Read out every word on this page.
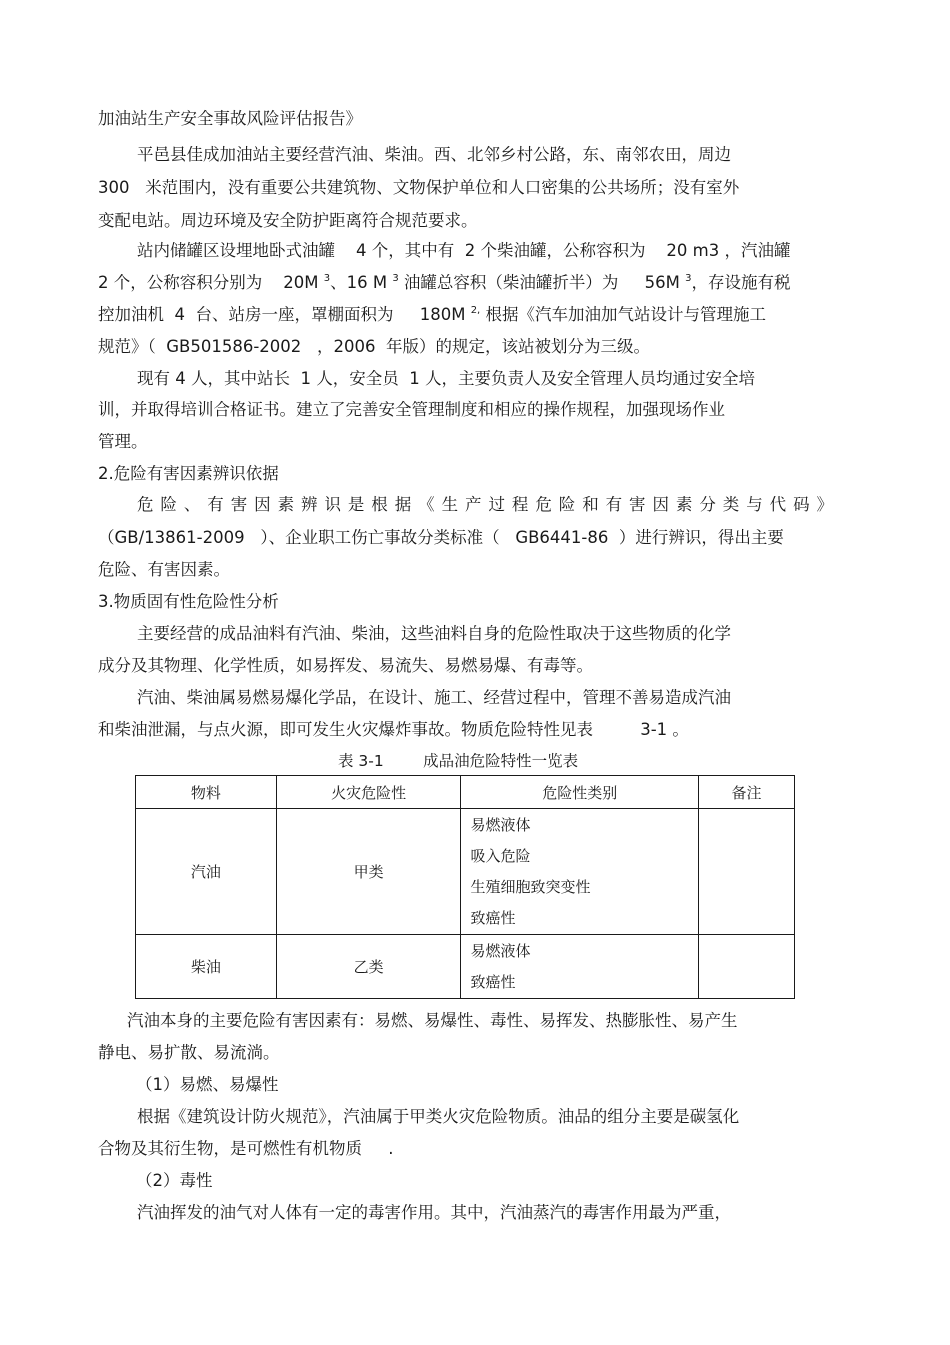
加油站生产安全事故风险评估报告》
平邑县佳成加油站主要经营汽油、柴油。西、北邻乡村公路，东、南邻农田，周边
300   米范围内，没有重要公共建筑物、文物保护单位和人口密集的公共场所；没有室外
变配电站。周边环境及安全防护距离符合规范要求。
站内储罐区设埋地卧式油罐    4 个，其中有  2 个柴油罐，公称容积为    20 m3 ，汽油罐
2 个，公称容积分别为    20M $^3$、16 M $^3$ 油罐总容积（柴油罐折半）为     56M $^3$，存设施有税
控加油机  4  台、站房一座，罩棚面积为     180M $^{2,}$ 根据《汽车加油加气站设计与管理施工
规范》（  GB501586-2002   ，2006  年版）的规定，该站被划分为三级。
现有 4 人，其中站长  1 人，安全员  1 人，主要负责人及安全管理人员均通过安全培
训，并取得培训合格证书。建立了完善安全管理制度和相应的操作规程，加强现场作业
管理。
2.危险有害因素辨识依据
危险、有害因素辨识是根据《生产过程危险和有害因素分类与代码》
（GB/13861-2009   ）、企业职工伤亡事故分类标准（   GB6441-86  ）进行辨识，得出主要
危险、有害因素。
3.物质固有性危险性分析
主要经营的成品油料有汽油、柴油，这些油料自身的危险性取决于这些物质的化学
成分及其物理、化学性质，如易挥发、易流失、易燃易爆、有毒等。
汽油、柴油属易燃易爆化学品，在设计、施工、经营过程中，管理不善易造成汽油
和柴油泄漏，与点火源，即可发生火灾爆炸事故。物质危险特性见表         3-1 。
表 3-1        成品油危险特性一览表
物料	火灾危险性	危险性类别	备注
汽油	甲类	易燃液体
吸入危险
生殖细胞致突变性
致癌性	

柴油	乙类	易燃液体
致癌性	

汽油本身的主要危险有害因素有：易燃、易爆性、毒性、易挥发、热膨胀性、易产生
静电、易扩散、易流淌。
（1）易燃、易爆性
根据《建筑设计防火规范》，汽油属于甲类火灾危险物质。油品的组分主要是碳氢化
合物及其衍生物，是可燃性有机物质     .
（2）毒性
汽油挥发的油气对人体有一定的毒害作用。其中，汽油蒸汽的毒害作用最为严重，
